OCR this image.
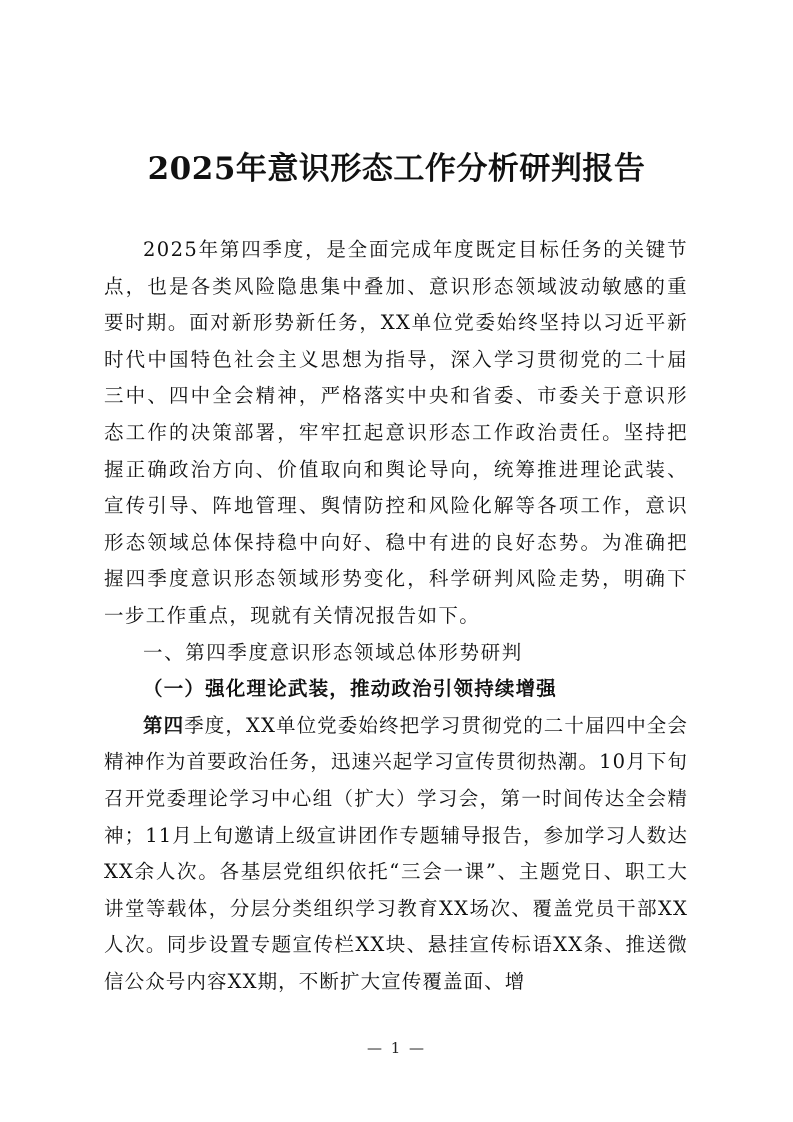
2025年意识形态工作分析研判报告

2025年第四季度，是全面完成年度既定目标任务的关键节点，也是各类风险隐患集中叠加、意识形态领域波动敏感的重要时期。面对新形势新任务，XX单位党委始终坚持以习近平新时代中国特色社会主义思想为指导，深入学习贯彻党的二十届三中、四中全会精神，严格落实中央和省委、市委关于意识形态工作的决策部署，牢牢扛起意识形态工作政治责任。坚持把握正确政治方向、价值取向和舆论导向，统筹推进理论武装、宣传引导、阵地管理、舆情防控和风险化解等各项工作，意识形态领域总体保持稳中向好、稳中有进的良好态势。为准确把握四季度意识形态领域形势变化，科学研判风险走势，明确下一步工作重点，现就有关情况报告如下。

一、第四季度意识形态领域总体形势研判

（一）强化理论武装，推动政治引领持续增强

第四季度，XX单位党委始终把学习贯彻党的二十届四中全会精神作为首要政治任务，迅速兴起学习宣传贯彻热潮。10月下旬召开党委理论学习中心组（扩大）学习会，第一时间传达全会精神；11月上旬邀请上级宣讲团作专题辅导报告，参加学习人数达XX余人次。各基层党组织依托“三会一课”、主题党日、职工大讲堂等载体，分层分类组织学习教育XX场次、覆盖党员干部XX人次。同步设置专题宣传栏XX块、悬挂宣传标语XX条、推送微信公众号内容XX期，不断扩大宣传覆盖面、增

— 1 —
